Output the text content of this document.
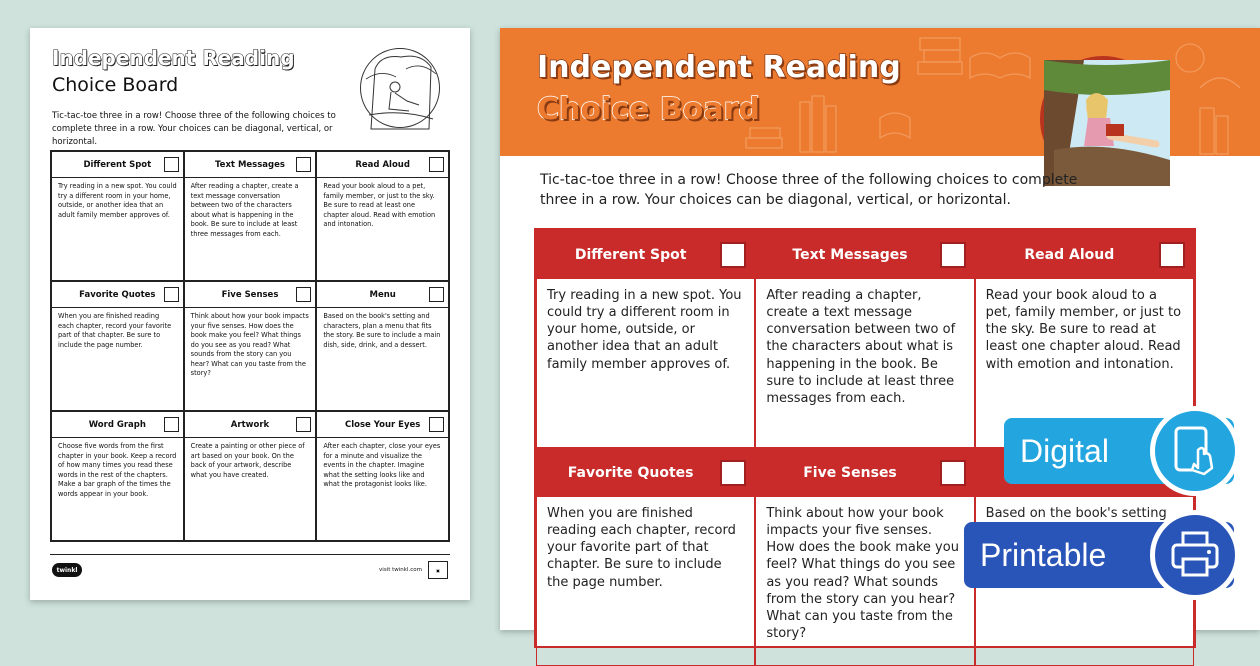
Independent Reading
Choice Board
Tic-tac-toe three in a row! Choose three of the following choices to complete three in a row. Your choices can be diagonal, vertical, or horizontal.
Different Spot
Try reading in a new spot. You could try a different room in your home, outside, or another idea that an adult family member approves of.
Text Messages
After reading a chapter, create a text message conversation between two of the characters about what is happening in the book. Be sure to include at least three messages from each.
Read Aloud
Read your book aloud to a pet, family member, or just to the sky. Be sure to read at least one chapter aloud. Read with emotion and intonation.
Favorite Quotes
When you are finished reading each chapter, record your favorite part of that chapter. Be sure to include the page number.
Five Senses
Think about how your book impacts your five senses. How does the book make you feel? What things do you see as you read? What sounds from the story can you hear? What can you taste from the story?
Menu
Based on the book's setting and characters, plan a menu that fits the story. Be sure to include a main dish, side, drink, and a dessert.
Word Graph
Choose five words from the first chapter in your book. Keep a record of how many times you read these words in the rest of the chapters. Make a bar graph of the times the words appear in your book.
Artwork
Create a painting or other piece of art based on your book. On the back of your artwork, describe what you have created.
Close Your Eyes
After each chapter, close your eyes for a minute and visualize the events in the chapter. Imagine what the setting looks like and what the protagonist looks like.
twinkl	visit twinkl.com	▣
Independent Reading
Choice Board
Tic-tac-toe three in a row! Choose three of the following choices to complete three in a row. Your choices can be diagonal, vertical, or horizontal.
Different Spot
Try reading in a new spot. You could try a different room in your home, outside, or another idea that an adult family member approves of.
Text Messages
After reading a chapter, create a text message conversation between two of the characters about what is happening in the book. Be sure to include at least three messages from each.
Read Aloud
Read your book aloud to a pet, family member, or just to the sky. Be sure to read at least one chapter aloud. Read with emotion and intonation.
Favorite Quotes
When you are finished reading each chapter, record your favorite part of that chapter. Be sure to include the page number.
Five Senses
Think about how your book impacts your five senses. How does the book make you feel? What things do you see as you read? What sounds from the story can you hear? What can you taste from the story?
Based on the book's setting
Digital
Printable
